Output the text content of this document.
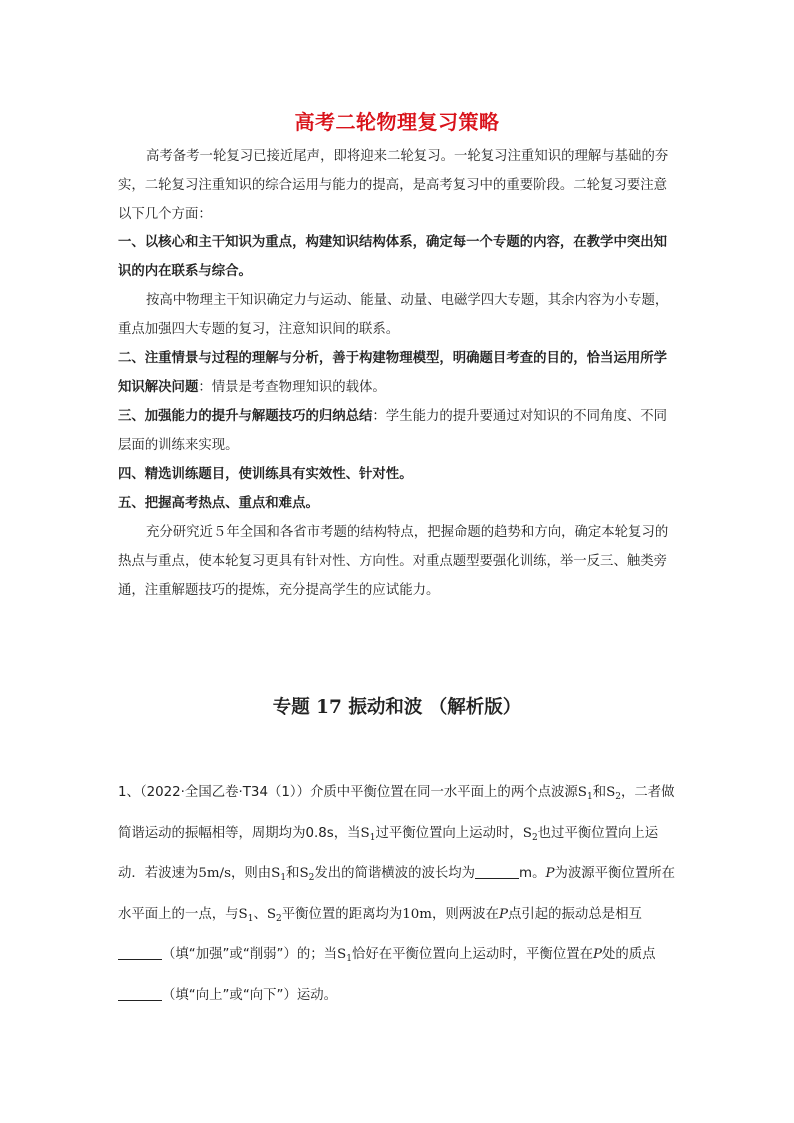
高考二轮物理复习策略
高考备考一轮复习已接近尾声，即将迎来二轮复习。一轮复习注重知识的理解与基础的夯实，二轮复习注重知识的综合运用与能力的提高，是高考复习中的重要阶段。二轮复习要注意以下几个方面：
一、以核心和主干知识为重点，构建知识结构体系，确定每一个专题的内容，在教学中突出知识的内在联系与综合。
按高中物理主干知识确定力与运动、能量、动量、电磁学四大专题，其余内容为小专题，重点加强四大专题的复习，注意知识间的联系。
二、注重情景与过程的理解与分析，善于构建物理模型，明确题目考查的目的，恰当运用所学知识解决问题：情景是考查物理知识的载体。
三、加强能力的提升与解题技巧的归纳总结：学生能力的提升要通过对知识的不同角度、不同层面的训练来实现。
四、精选训练题目，使训练具有实效性、针对性。
五、把握高考热点、重点和难点。
充分研究近５年全国和各省市考题的结构特点，把握命题的趋势和方向，确定本轮复习的热点与重点，使本轮复习更具有针对性、方向性。对重点题型要强化训练，举一反三、触类旁通，注重解题技巧的提炼，充分提高学生的应试能力。
专题 17 振动和波 （解析版）
1、（2022·全国乙卷·T34（1））介质中平衡位置在同一水平面上的两个点波源$S_1$和$S_2$，二者做简谐运动的振幅相等，周期均为0.8s，当$S_1$过平衡位置向上运动时，$S_2$也过平衡位置向上运动．若波速为5m/s，则由$S_1$和$S_2$发出的简谐横波的波长均为	m。P为波源平衡位置所在水平面上的一点，与$S_1$、$S_2$平衡位置的距离均为10m，则两波在P点引起的振动总是相互（填“加强”或“削弱”）的；当$S_1$恰好在平衡位置向上运动时，平衡位置在P处的质点（填“向上”或“向下”）运动。
